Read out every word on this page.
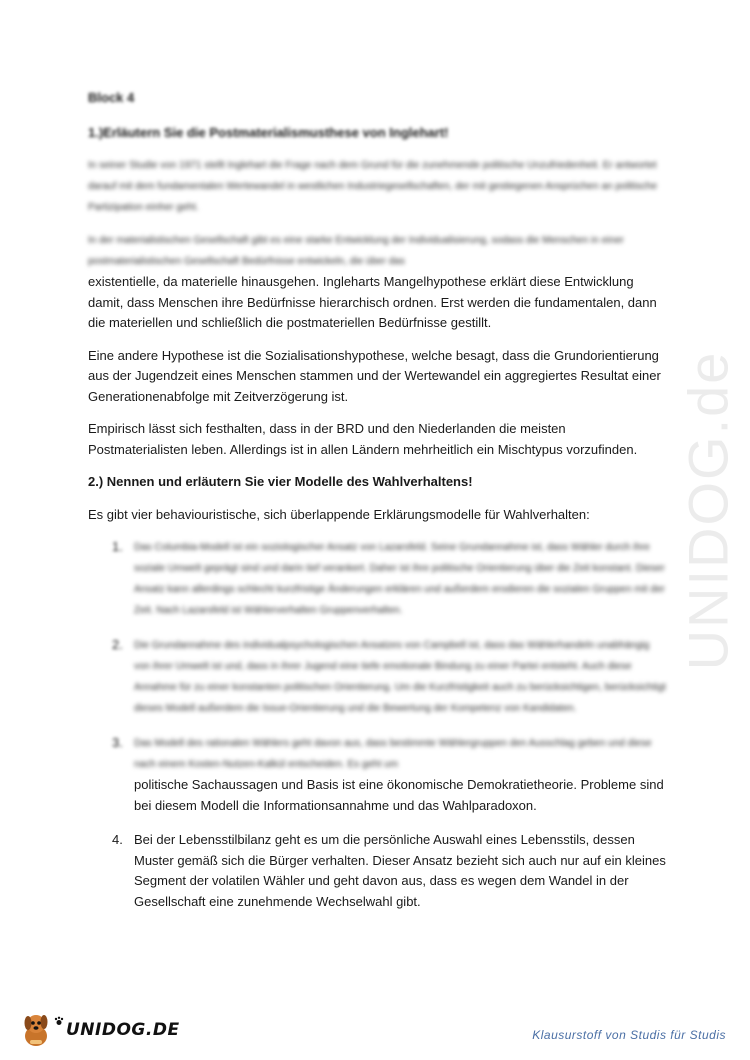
UNIDOG.de

Block 4

1.)Erläutern Sie die Postmaterialismusthese von Inglehart!

In seiner Studie von 1971 stellt Inglehart die Frage nach dem Grund für die zunehmende politische Unzufriedenheit. Er antwortet darauf mit dem fundamentalen Wertewandel in westlichen Industriegesellschaften, der mit gestiegenen Ansprüchen an politische Partizipation einher geht.

In der materialistischen Gesellschaft gibt es eine starke Entwicklung der Individualisierung, sodass die Menschen in einer postmaterialistischen Gesellschaft Bedürfnisse entwickeln, die über das

existentielle, da materielle hinausgehen. Ingleharts Mangelhypothese erklärt diese Entwicklung damit, dass Menschen ihre Bedürfnisse hierarchisch ordnen. Erst werden die fundamentalen, dann die materiellen und schließlich die postmateriellen Bedürfnisse gestillt.

Eine andere Hypothese ist die Sozialisationshypothese, welche besagt, dass die Grundorientierung aus der Jugendzeit eines Menschen stammen und der Wertewandel ein aggregiertes Resultat einer Generationenabfolge mit Zeitverzögerung ist.

Empirisch lässt sich festhalten, dass in der BRD und den Niederlanden die meisten Postmaterialisten leben. Allerdings ist in allen Ländern mehrheitlich ein Mischtypus vorzufinden.

2.) Nennen und erläutern Sie vier Modelle des Wahlverhaltens!

Es gibt vier behaviouristische, sich überlappende Erklärungsmodelle für Wahlverhalten:

1. Das Columbia-Modell ist ein soziologischer Ansatz von Lazarsfeld. Seine Grundannahme ist, dass Wähler durch ihre soziale Umwelt geprägt sind und darin tief verankert. Daher ist ihre politische Orientierung über die Zeit konstant. Dieser Ansatz kann allerdings schlecht kurzfristige Änderungen erklären und außerdem erodieren die sozialen Gruppen mit der Zeit. Nach Lazarsfeld ist Wählerverhalten Gruppenverhalten.
2. Die Grundannahme des individualpsychologischen Ansatzes von Campbell ist, dass das Wählerhandeln unabhängig von ihrer Umwelt ist und, dass in ihrer Jugend eine tiefe emotionale Bindung zu einer Partei entsteht. Auch diese Annahme für zu einer konstanten politischen Orientierung. Um die Kurzfristigkeit auch zu berücksichtigen, berücksichtigt dieses Modell außerdem die Issue-Orientierung und die Bewertung der Kompetenz von Kandidaten.
3. Das Modell des rationalen Wählers geht davon aus, dass bestimmte Wählergruppen den Ausschlag geben und diese nach einem Kosten-Nutzen-Kalkül entscheiden. Es geht um
politische Sachaussagen und Basis ist eine ökonomische Demokratietheorie. Probleme sind bei diesem Modell die Informationsannahme und das Wahlparadoxon.
4. Bei der Lebensstilbilanz geht es um die persönliche Auswahl eines Lebensstils, dessen Muster gemäß sich die Bürger verhalten. Dieser Ansatz bezieht sich auch nur auf ein kleines Segment der volatilen Wähler und geht davon aus, dass es wegen dem Wandel in der Gesellschaft eine zunehmende Wechselwahl gibt.
UNIDOG.DE	Klausurstoff von Studis für Studis
